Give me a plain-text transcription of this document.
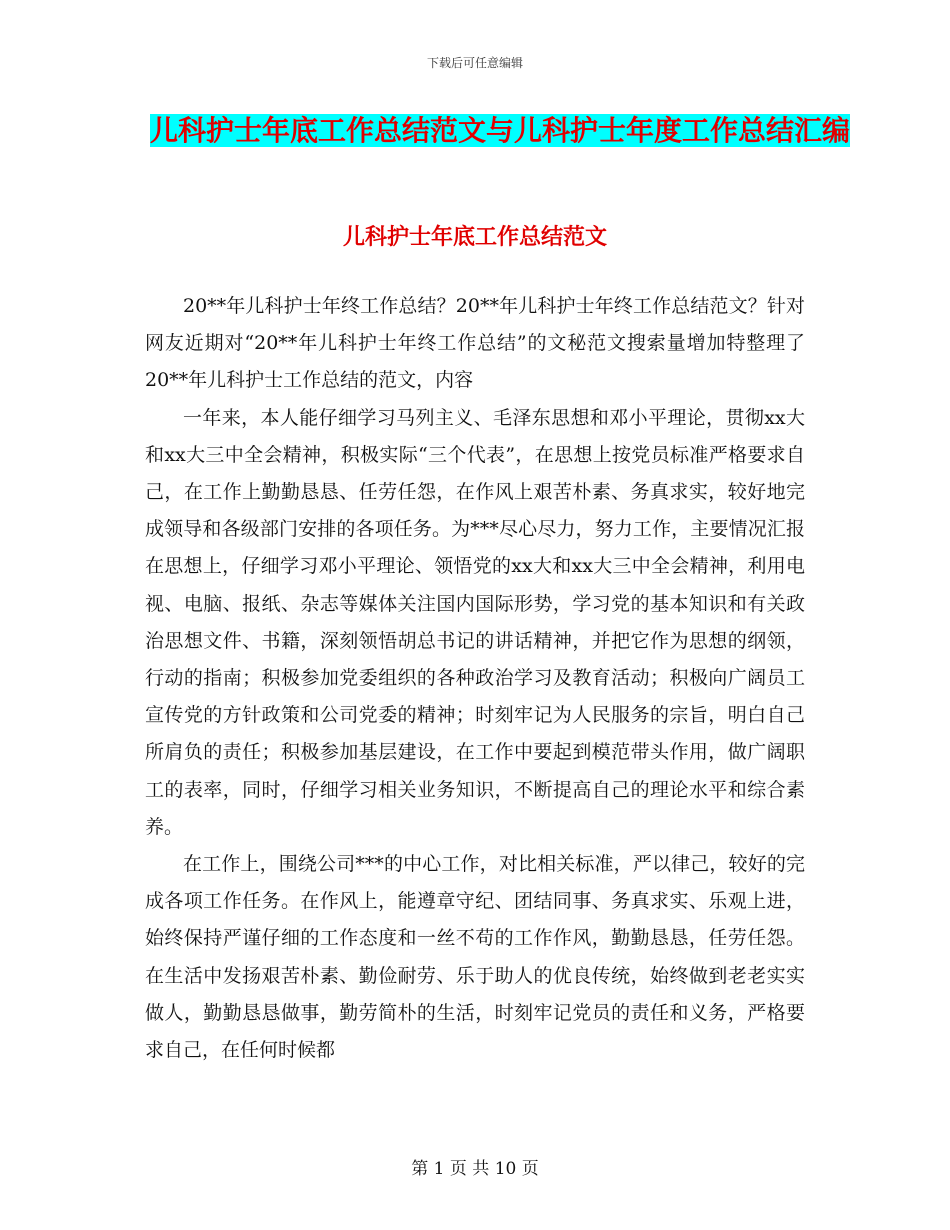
下载后可任意编辑
儿科护士年底工作总结范文与儿科护士年度工作总结汇编
儿科护士年底工作总结范文

20**年儿科护士年终工作总结？20**年儿科护士年终工作总结范文？针对网友近期对“20**年儿科护士年终工作总结”的文秘范文搜索量增加特整理了20**年儿科护士工作总结的范文，内容

一年来，本人能仔细学习马列主义、毛泽东思想和邓小平理论，贯彻xx大和xx大三中全会精神，积极实际“三个代表”，在思想上按党员标准严格要求自己，在工作上勤勤恳恳、任劳任怨，在作风上艰苦朴素、务真求实，较好地完成领导和各级部门安排的各项任务。为***尽心尽力，努力工作，主要情况汇报在思想上，仔细学习邓小平理论、领悟党的xx大和xx大三中全会精神，利用电视、电脑、报纸、杂志等媒体关注国内国际形势，学习党的基本知识和有关政治思想文件、书籍，深刻领悟胡总书记的讲话精神，并把它作为思想的纲领，行动的指南；积极参加党委组织的各种政治学习及教育活动；积极向广阔员工宣传党的方针政策和公司党委的精神；时刻牢记为人民服务的宗旨，明白自己所肩负的责任；积极参加基层建设，在工作中要起到模范带头作用，做广阔职工的表率，同时，仔细学习相关业务知识，不断提高自己的理论水平和综合素养。

在工作上，围绕公司***的中心工作，对比相关标准，严以律己，较好的完成各项工作任务。在作风上，能遵章守纪、团结同事、务真求实、乐观上进，始终保持严谨仔细的工作态度和一丝不苟的工作作风，勤勤恳恳，任劳任怨。在生活中发扬艰苦朴素、勤俭耐劳、乐于助人的优良传统，始终做到老老实实做人，勤勤恳恳做事，勤劳简朴的生活，时刻牢记党员的责任和义务，严格要求自己，在任何时候都

第 1 页 共 10 页
